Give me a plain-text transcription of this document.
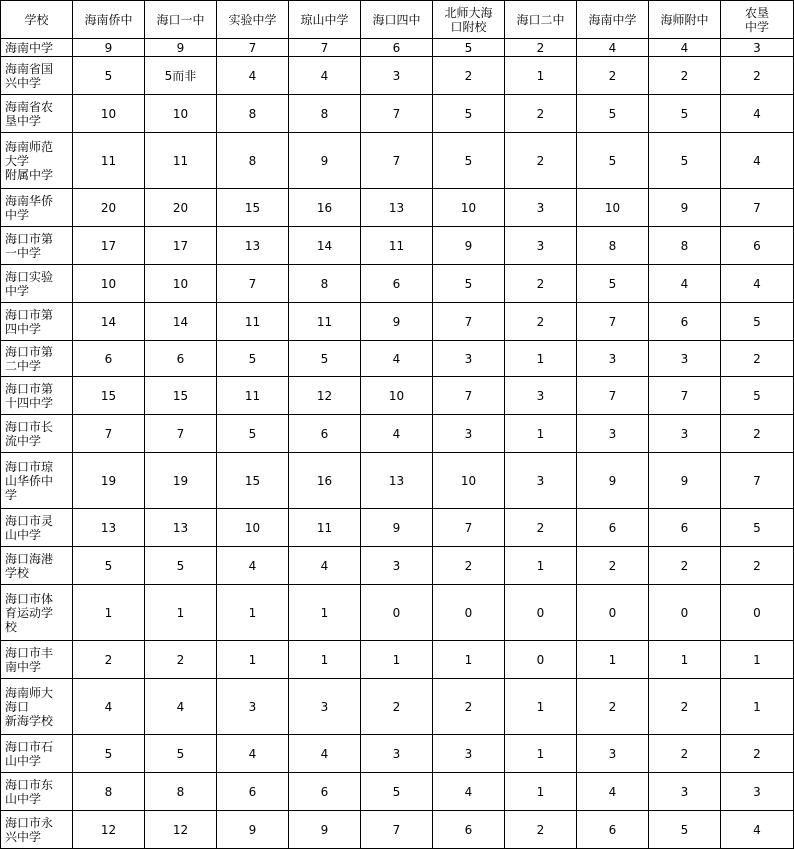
学校	海南侨中	海口一中	实验中学	琼山中学	海口四中	北师大海
口附校	海口二中	海南中学	海师附中	农垦
中学
海南中学	9	9	7	7	6	5	2	4	4	3
海南省国
兴中学	5	5而非	4	4	3	2	1	2	2	2
海南省农
垦中学	10	10	8	8	7	5	2	5	5	4
海南师范
大学
附属中学	11	11	8	9	7	5	2	5	5	4
海南华侨
中学	20	20	15	16	13	10	3	10	9	7
海口市第
一中学	17	17	13	14	11	9	3	8	8	6
海口实验
中学	10	10	7	8	6	5	2	5	4	4
海口市第
四中学	14	14	11	11	9	7	2	7	6	5
海口市第
二中学	6	6	5	5	4	3	1	3	3	2
海口市第
十四中学	15	15	11	12	10	7	3	7	7	5
海口市长
流中学	7	7	5	6	4	3	1	3	3	2
海口市琼
山华侨中
学	19	19	15	16	13	10	3	9	9	7
海口市灵
山中学	13	13	10	11	9	7	2	6	6	5
海口海港
学校	5	5	4	4	3	2	1	2	2	2
海口市体
育运动学
校	1	1	1	1	0	0	0	0	0	0
海口市丰
南中学	2	2	1	1	1	1	0	1	1	1
海南师大
海口
新海学校	4	4	3	3	2	2	1	2	2	1
海口市石
山中学	5	5	4	4	3	3	1	3	2	2
海口市东
山中学	8	8	6	6	5	4	1	4	3	3
海口市永
兴中学	12	12	9	9	7	6	2	6	5	4
